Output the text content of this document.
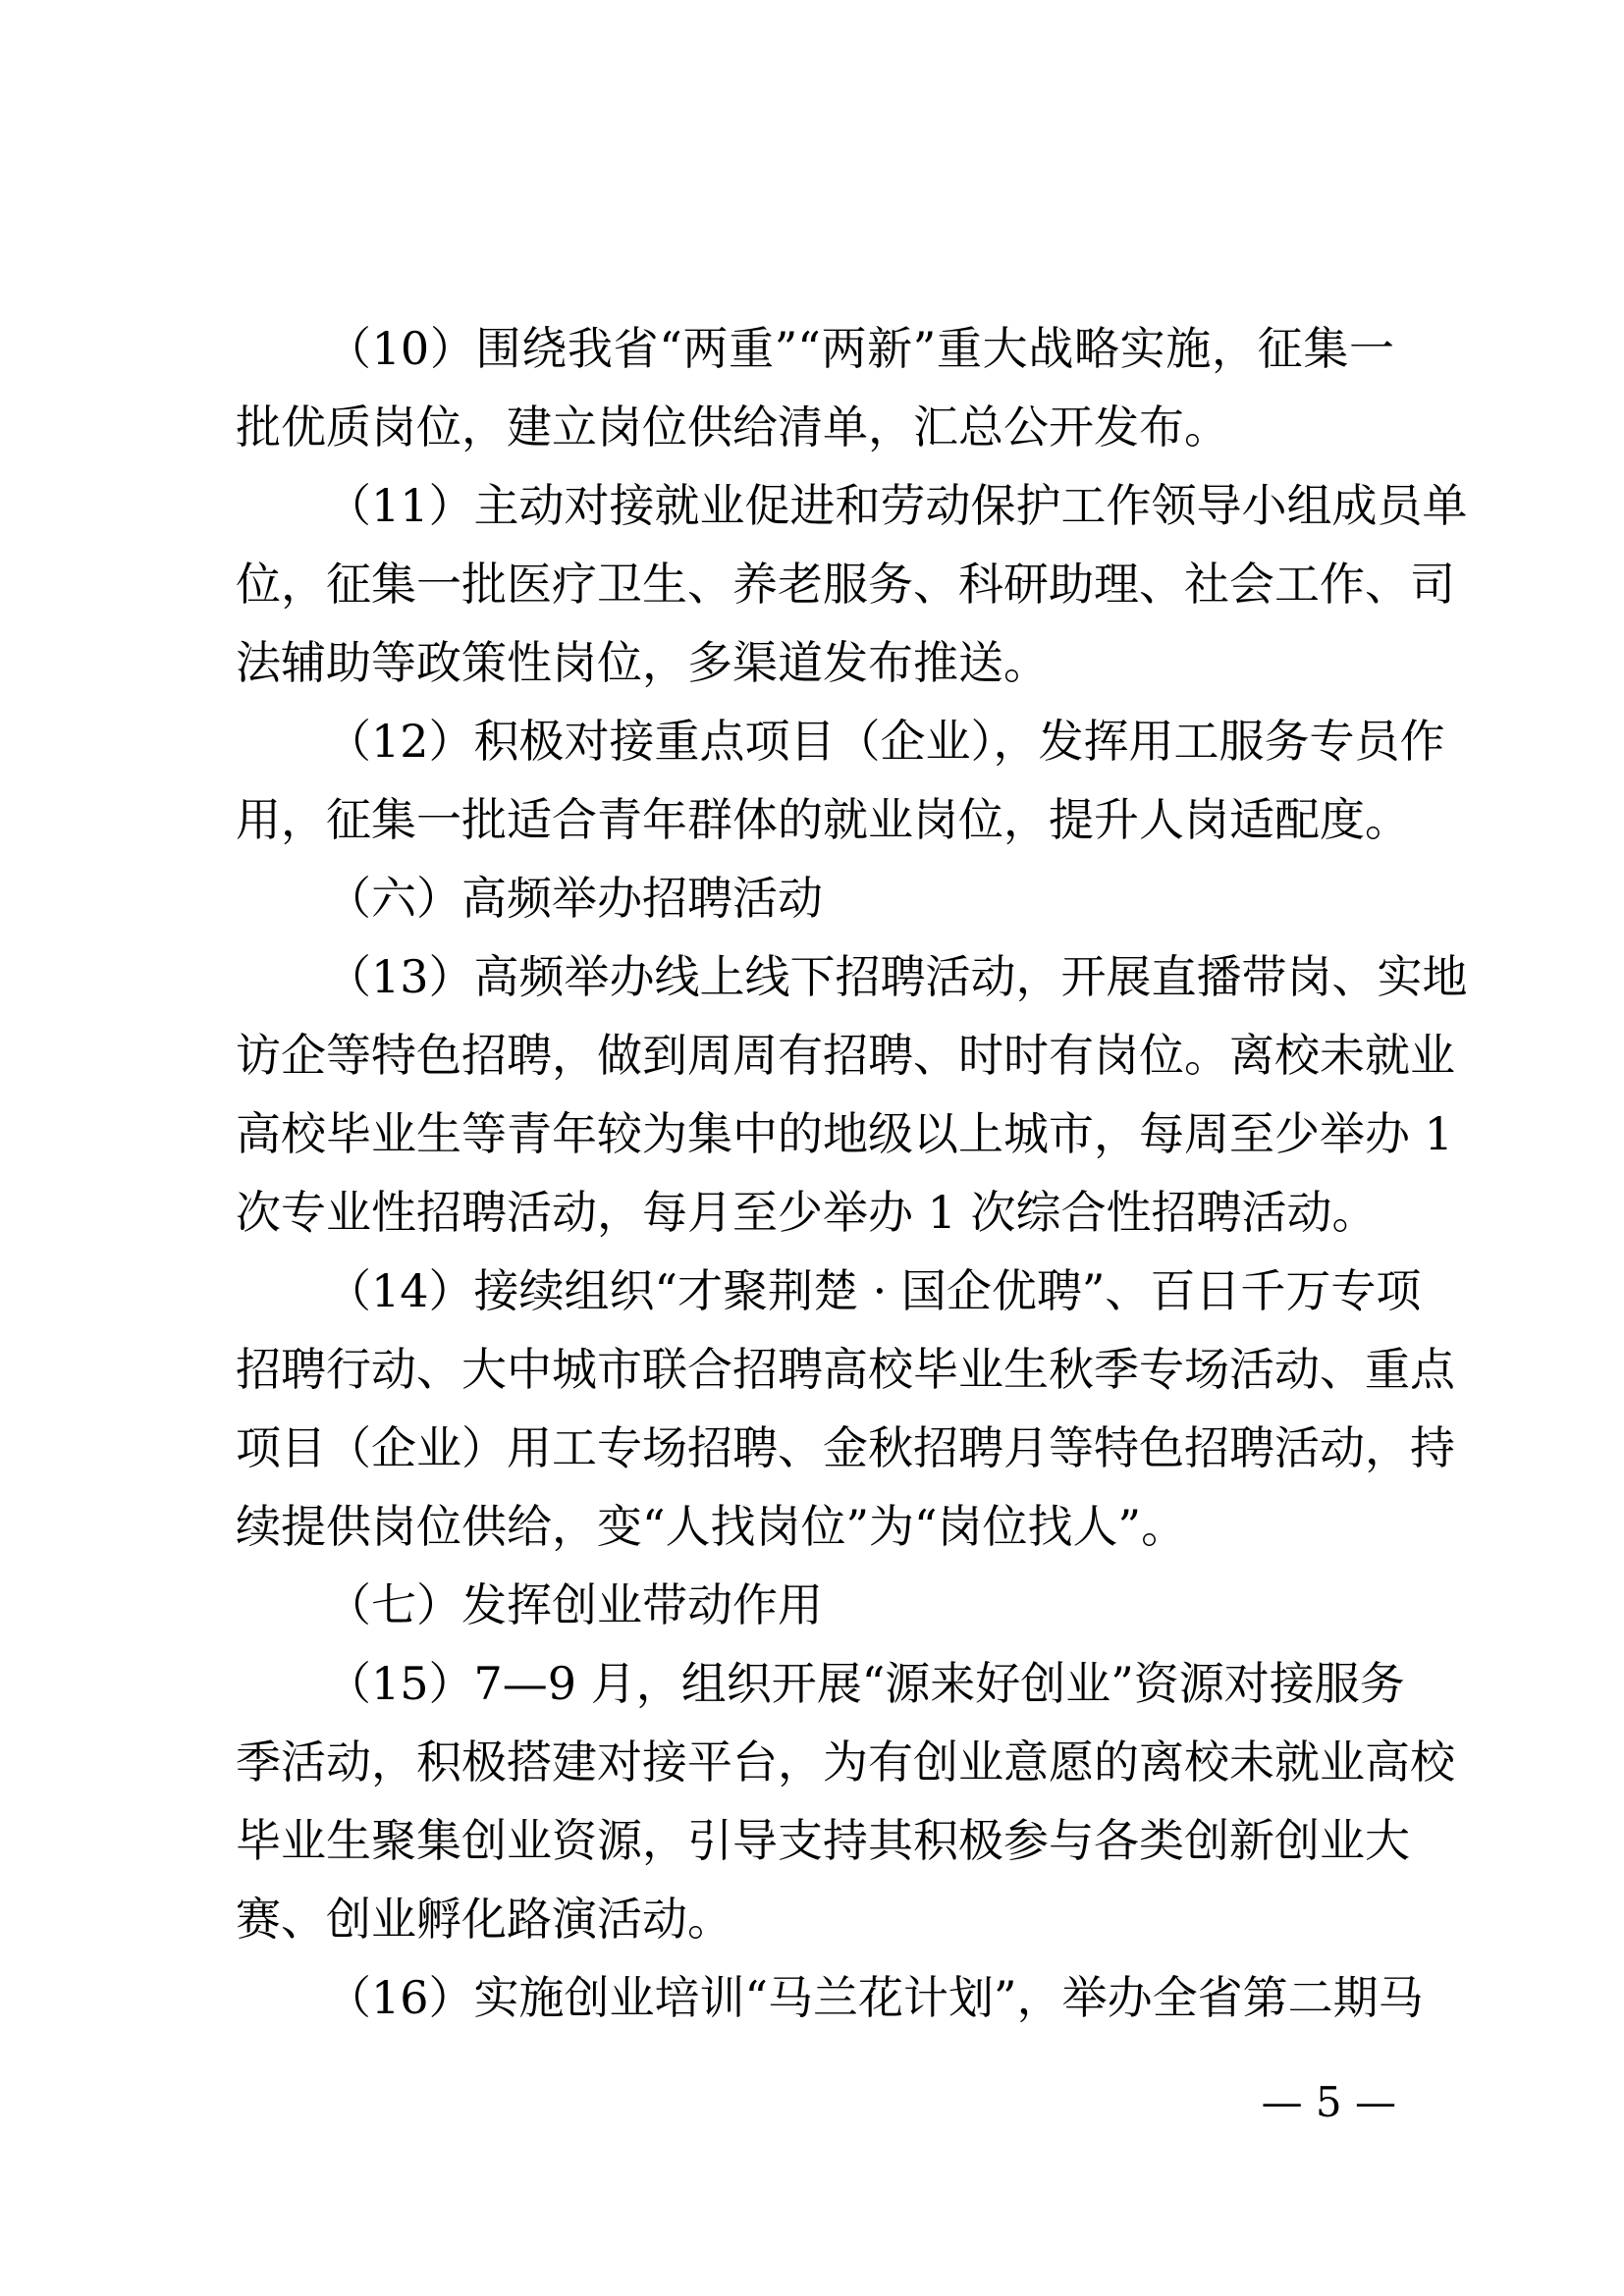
（10）围绕我省“两重”“两新”重大战略实施，征集一
批优质岗位，建立岗位供给清单，汇总公开发布。
（11）主动对接就业促进和劳动保护工作领导小组成员单
位，征集一批医疗卫生、养老服务、科研助理、社会工作、司
法辅助等政策性岗位，多渠道发布推送。
（12）积极对接重点项目（企业），发挥用工服务专员作
用，征集一批适合青年群体的就业岗位，提升人岗适配度。
（六）高频举办招聘活动
（13）高频举办线上线下招聘活动，开展直播带岗、实地
访企等特色招聘，做到周周有招聘、时时有岗位。离校未就业
高校毕业生等青年较为集中的地级以上城市，每周至少举办 1
次专业性招聘活动，每月至少举办 1 次综合性招聘活动。
（14）接续组织“才聚荆楚 · 国企优聘”、百日千万专项
招聘行动、大中城市联合招聘高校毕业生秋季专场活动、重点
项目（企业）用工专场招聘、金秋招聘月等特色招聘活动，持
续提供岗位供给，变“人找岗位”为“岗位找人”。
（七）发挥创业带动作用
（15）7—9 月，组织开展“源来好创业”资源对接服务
季活动，积极搭建对接平台，为有创业意愿的离校未就业高校
毕业生聚集创业资源，引导支持其积极参与各类创新创业大
赛、创业孵化路演活动。
（16）实施创业培训“马兰花计划”，举办全省第二期马
— 5 —
